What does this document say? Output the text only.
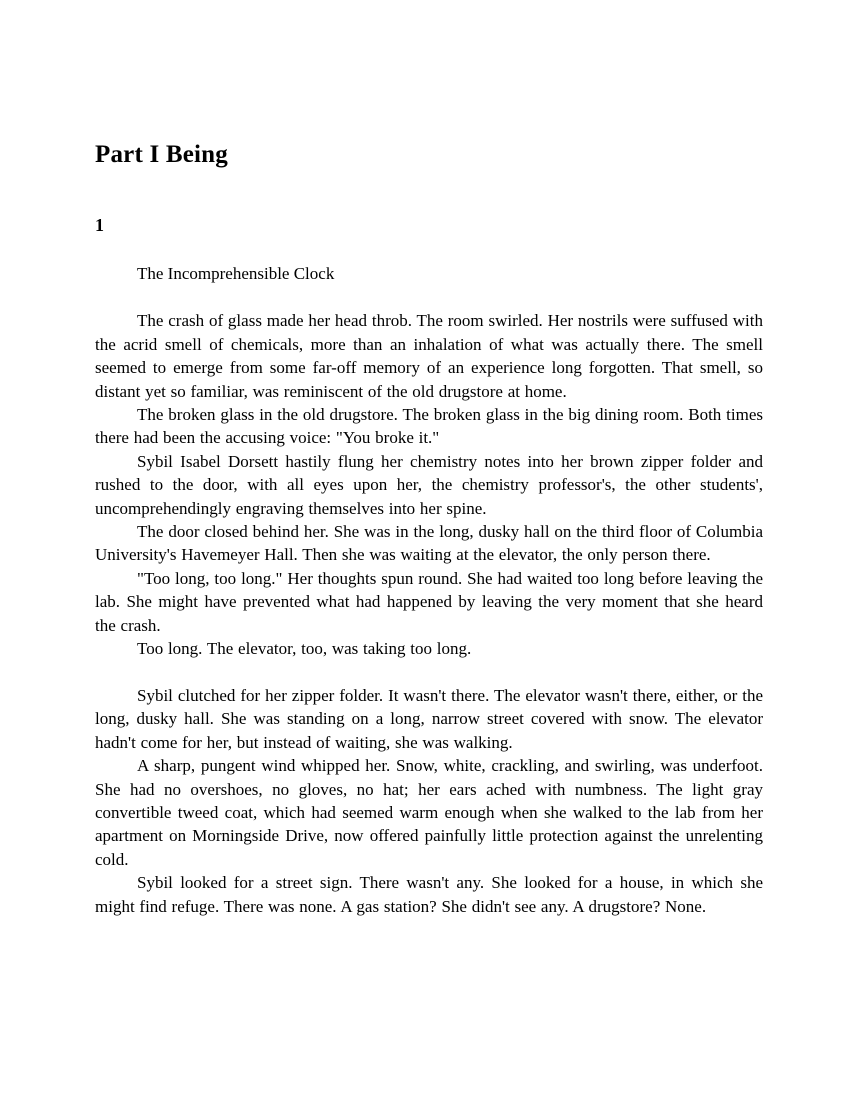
Part I Being
1
The Incomprehensible Clock

The crash of glass made her head throb. The room swirled. Her nostrils were suffused with the acrid smell of chemicals, more than an inhalation of what was actually there. The smell seemed to emerge from some far-off memory of an experience long forgotten. That smell, so distant yet so familiar, was reminiscent of the old drugstore at home.

The broken glass in the old drugstore. The broken glass in the big dining room. Both times there had been the accusing voice: "You broke it."

Sybil Isabel Dorsett hastily flung her chemistry notes into her brown zipper folder and rushed to the door, with all eyes upon her, the chemistry professor's, the other students', uncomprehendingly engraving themselves into her spine.

The door closed behind her. She was in the long, dusky hall on the third floor of Columbia University's Havemeyer Hall. Then she was waiting at the elevator, the only person there.

"Too long, too long." Her thoughts spun round. She had waited too long before leaving the lab. She might have prevented what had happened by leaving the very moment that she heard the crash.

Too long. The elevator, too, was taking too long.

Sybil clutched for her zipper folder. It wasn't there. The elevator wasn't there, either, or the long, dusky hall. She was standing on a long, narrow street covered with snow. The elevator hadn't come for her, but instead of waiting, she was walking.

A sharp, pungent wind whipped her. Snow, white, crackling, and swirling, was underfoot. She had no overshoes, no gloves, no hat; her ears ached with numbness. The light gray convertible tweed coat, which had seemed warm enough when she walked to the lab from her apartment on Morningside Drive, now offered painfully little protection against the unrelenting cold.

Sybil looked for a street sign. There wasn't any. She looked for a house, in which she might find refuge. There was none. A gas station? She didn't see any. A drugstore? None.
